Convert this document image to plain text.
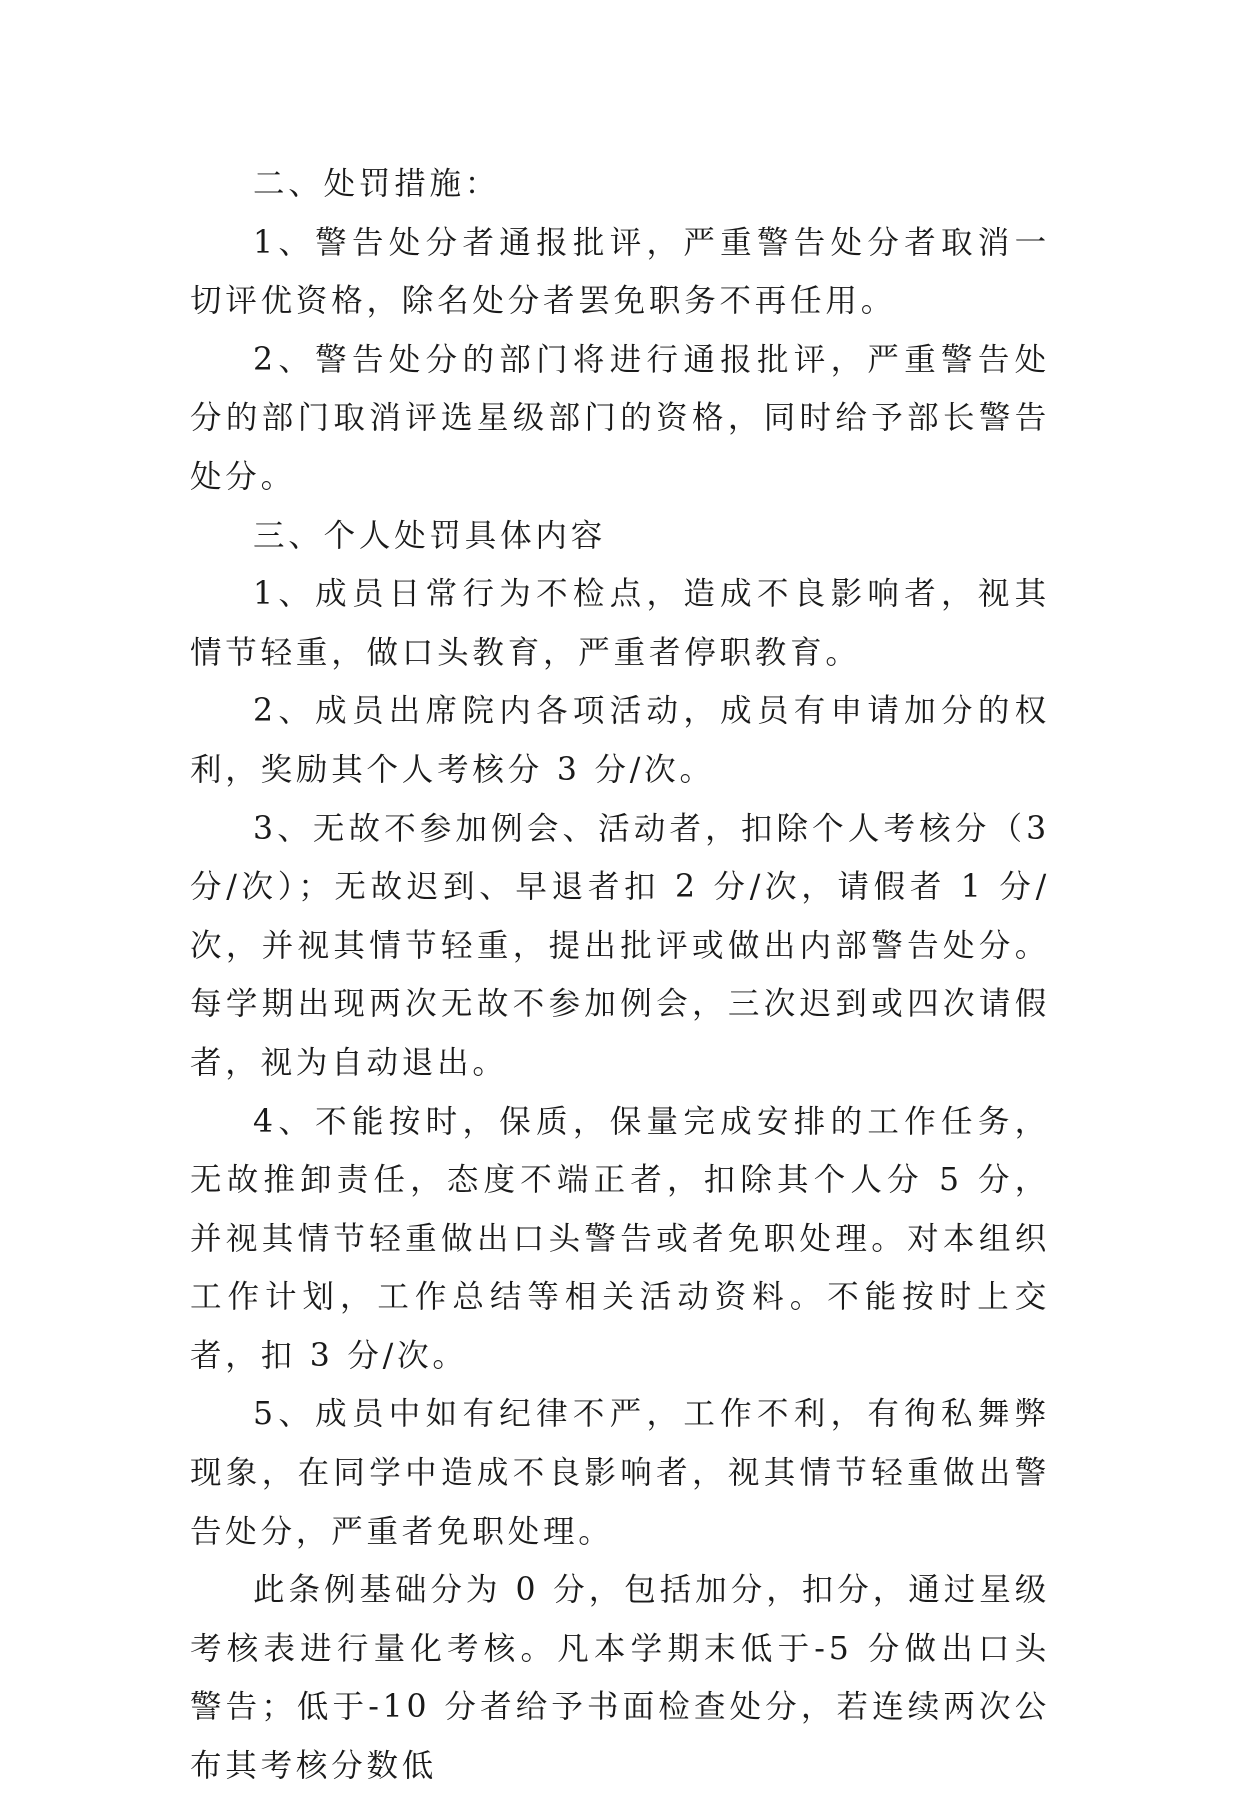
二、处罚措施：

1、警告处分者通报批评，严重警告处分者取消一切评优资格，除名处分者罢免职务不再任用。

2、警告处分的部门将进行通报批评，严重警告处分的部门取消评选星级部门的资格，同时给予部长警告处分。

三、个人处罚具体内容

1、成员日常行为不检点，造成不良影响者，视其情节轻重，做口头教育，严重者停职教育。

2、成员出席院内各项活动，成员有申请加分的权利，奖励其个人考核分 3 分/次。

3、无故不参加例会、活动者，扣除个人考核分（3 分/次）；无故迟到、早退者扣 2 分/次，请假者 1 分/次，并视其情节轻重，提出批评或做出内部警告处分。每学期出现两次无故不参加例会，三次迟到或四次请假者，视为自动退出。

4、不能按时，保质，保量完成安排的工作任务，无故推卸责任，态度不端正者，扣除其个人分 5 分，并视其情节轻重做出口头警告或者免职处理。对本组织工作计划，工作总结等相关活动资料。不能按时上交者，扣 3 分/次。

5、成员中如有纪律不严，工作不利，有徇私舞弊现象，在同学中造成不良影响者，视其情节轻重做出警告处分，严重者免职处理。

此条例基础分为 0 分，包括加分，扣分，通过星级考核表进行量化考核。凡本学期末低于-5 分做出口头警告；低于-10 分者给予书面检查处分，若连续两次公布其考核分数低
